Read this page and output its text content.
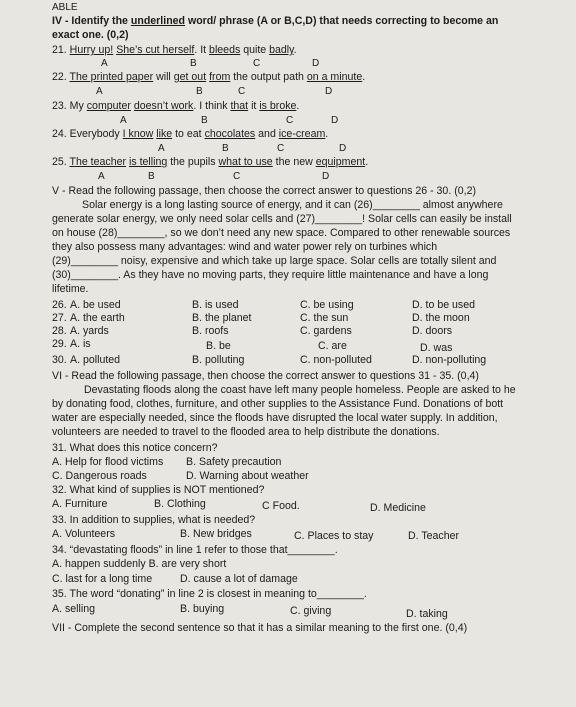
ABLE
IV - Identify the underlined word/ phrase (A or B,C,D) that needs correcting to become an
exact one. (0,2)
21. Hurry up! She’s cut herself. It bleeds quite badly.
A	B	C	D
22. The printed paper will get out from the output path on a minute.
A	B	C	D
23. My computer doesn’t work. I think that it is broke.
A	B	C	D
24. Everybody I know like to eat chocolates and ice-cream.
A	B	C	D
25. The teacher is telling the pupils what to use the new equipment.
A	B	C	D
V - Read the following passage, then choose the correct answer to questions 26 - 30. (0,2)
Solar energy is a long lasting source of energy, and it can (26)________ almost anywhere
generate solar energy, we only need solar cells and (27)________! Solar cells can easily be install
on house (28)________, so we don’t need any new space. Compared to other renewable sources
they also possess many advantages: wind and water power rely on turbines which
(29)________ noisy, expensive and which take up large space. Solar cells are totally silent and
(30)________. As they have no moving parts, they require little maintenance and have a long
lifetime.
26. A. be used	B. is used	C. be using	D. to be used
27. A. the earth	B. the planet	C. the sun	D. the moon
28. A. yards	B. roofs	C. gardens	D. doors
29. A. is	B. be	C. are	D. was
30. A. polluted	B. polluting	C. non-polluted	D. non-polluting
VI - Read the following passage, then choose the correct answer to questions 31 - 35. (0,4)
Devastating floods along the coast have left many people homeless. People are asked to he
by donating food, clothes, furniture, and other supplies to the Assistance Fund. Donations of bott
water are especially needed, since the floods have disrupted the local water supply. In addition,
volunteers are needed to travel to the flooded area to help distribute the donations.
31. What does this notice concern?
A. Help for flood victims B. Safety precaution
C. Dangerous roads	D. Warning about weather
32. What kind of supplies is NOT mentioned?
A. Furniture	B. Clothing	C Food.	D. Medicine
33. In addition to supplies, what is needed?
A. Volunteers	B. New bridges	C. Places to stay	D. Teacher
34. “devastating floods” in line 1 refer to those that________.
A. happen suddenly B. are very short
C. last for a long time	D. cause a lot of damage
35. The word “donating” in line 2 is closest in meaning to________.
A. selling	B. buying	C. giving	D. taking
VII - Complete the second sentence so that it has a similar meaning to the first one. (0,4)
